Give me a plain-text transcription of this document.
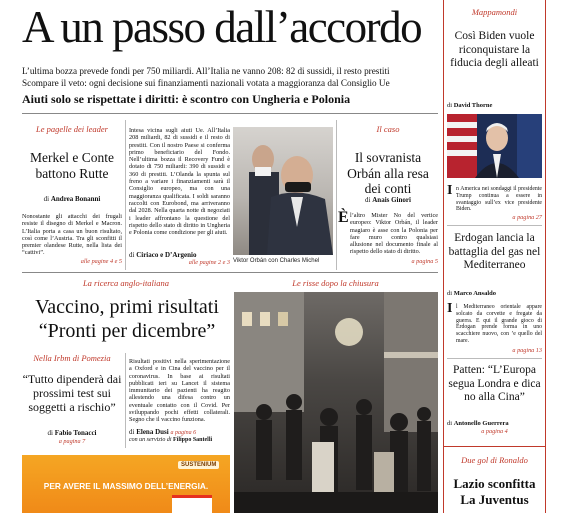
A un passo dall’accordo
L’ultima bozza prevede fondi per 750 miliardi. All’Italia ne vanno 208: 82 di sussidi, il resto prestiti
Scompare il veto: ogni decisione sui finanziamenti nazionali votata a maggioranza dal Consiglio Ue
Aiuti solo se rispettate i diritti: è scontro con Ungheria e Polonia
Le pagelle dei leader
Merkel e Conte battono Rutte
di Andrea Bonanni
Nonostante gli attacchi dei frugali resiste il disegno di Merkel e Macron. L’Italia porta a casa un buon risultato, così come l’Austria. Tra gli sconfitti il premier olandese Rutte, nella lista dei “cattivi”.
alle pagine 4 e 5
Intesa vicina sugli aiuti Ue. All’Italia 208 miliardi, 82 di sussidi e il resto di prestiti. Con il nostro Paese si conferma primo beneficiario del Fondo. Nell’ultima bozza il Recovery Fund è dotato di 750 miliardi: 390 di sussidi e 360 di prestiti. L’Olanda la spunta sul freno a variare i finanziamenti sarà il Consiglio europeo, ma con una maggioranza qualificata. I soldi saranno raccolti con Eurobond, ma arriveranno dal 2028. Nella quarta notte di negoziati i leader affrontano la questione del rispetto dello stato di diritto in Ungheria e Polonia come condizione per gli aiuti.
di Ciriaco e D’Argenio
alle pagine 2 e 3 Viktor Orbán con Charles Michel
Il caso
Il sovranista Orbán alla resa dei conti
di Anais Ginori
È l’altro Mister No del vertice europeo: Viktor Orbán, il leader magiaro è asse con la Polonia per fare muro contro qualsiasi allusione nel documento finale al rispetto dello stato di diritto.
a pagina 5
La ricerca anglo-italiana
Vaccino, primi risultati
“Pronti per dicembre”
Nella Irbm di Pomezia
“Tutto dipenderà dai prossimi test sui soggetti a rischio”
di Fabio Tonacci
a pagina 7
Risultati positivi nella sperimentazione a Oxford e in Cina del vaccino per il coronavirus. In base ai risultati pubblicati ieri su Lancet il sistema immunitario dei pazienti ha reagito allestendo una difesa contro un eventuale contatto con il Covid. Per sviluppando pochi effetti collaterali. Segno che il vaccino funziona.
di Elena Dusi a pagina 6
con un servizio di Filippo Santelli
Le risse dopo la chiusura
Mappamondi
Così Biden vuole riconquistare la fiducia degli alleati
di David Thorne
I n America nei sondaggi il presidente Trump continua a essere in svantaggio sull’ex vice presidente Biden.
a pagina 27
Erdogan lancia la battaglia del gas nel Mediterraneo
di Marco Ansaldo
I l Mediterraneo orientale appare solcato da corvette e fregate da guerra. E qui il grande gioco di Erdogan prende forma in uno scacchiere nuovo, con ’e quello del mare.
a pagina 13
Patten: “L’Europa segua Londra e dica no alla Cina”
di Antonello Guerrera
a pagina 4
Due gol di Ronaldo
Lazio sconfitta La Juventus
SUSTENIUM
PER AVERE IL MASSIMO DELL’ENERGIA.
